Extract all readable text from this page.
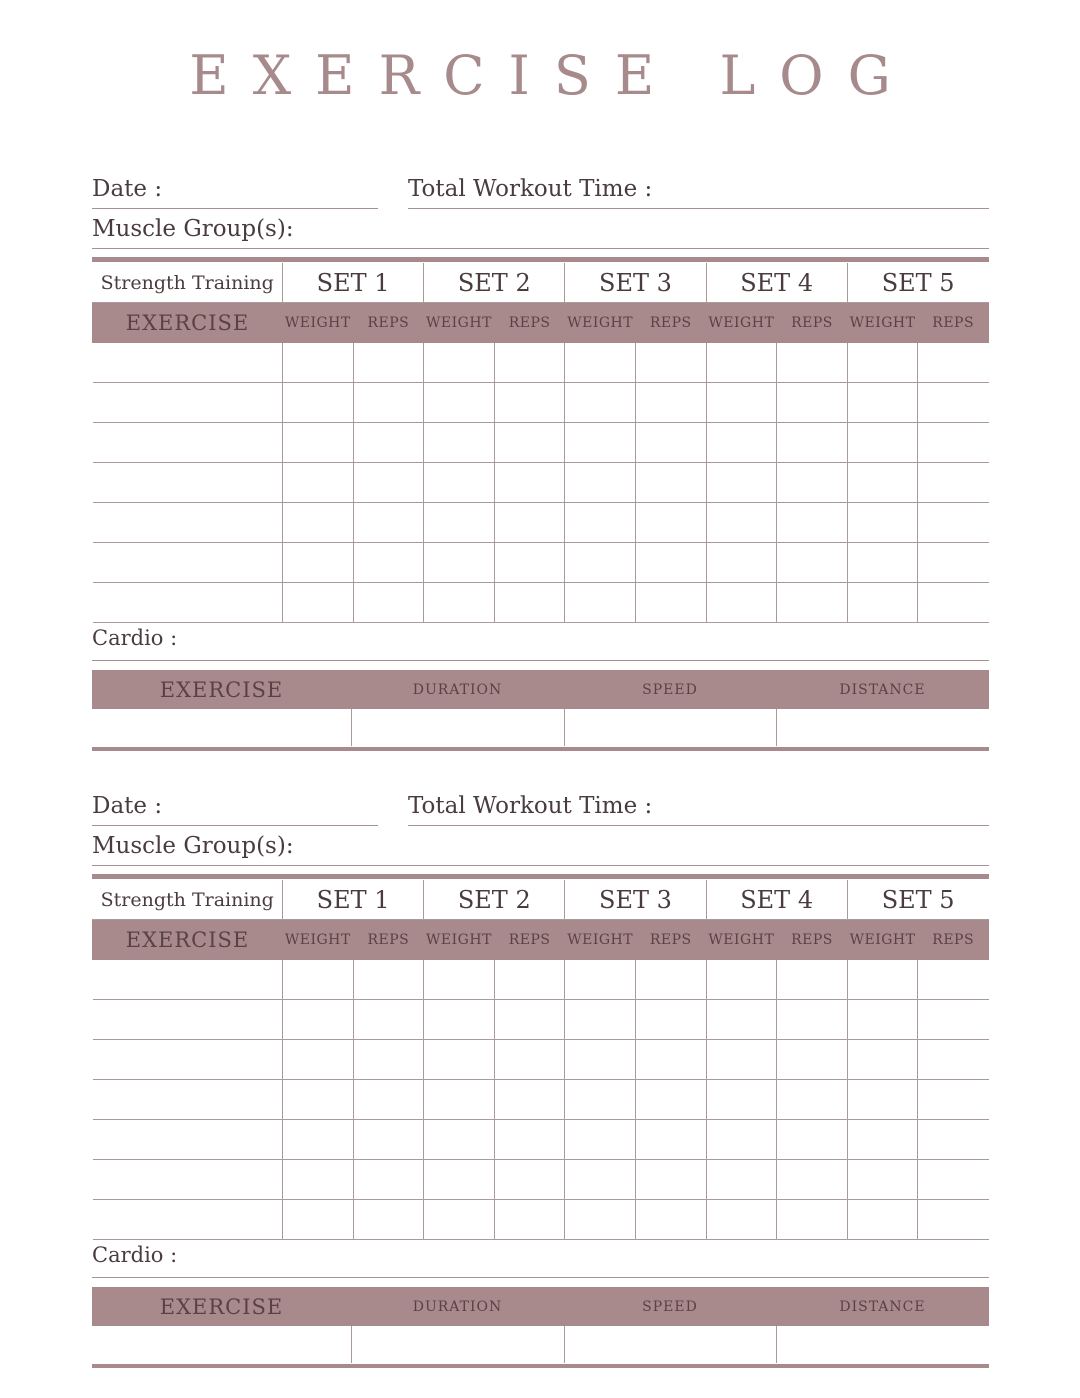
EXERCISE LOG
Date :	Total Workout Time :
Muscle Group(s):
Strength Training	SET 1		SET 2		SET 3		SET 4		SET 5	
EXERCISE	WEIGHT	REPS	WEIGHT	REPS	WEIGHT	REPS	WEIGHT	REPS	WEIGHT	REPS

Cardio :
EXERCISE	DURATION	SPEED	DISTANCE

Date :	Total Workout Time :
Muscle Group(s):
Strength Training	SET 1		SET 2		SET 3		SET 4		SET 5	
EXERCISE	WEIGHT	REPS	WEIGHT	REPS	WEIGHT	REPS	WEIGHT	REPS	WEIGHT	REPS

Cardio :
EXERCISE	DURATION	SPEED	DISTANCE
